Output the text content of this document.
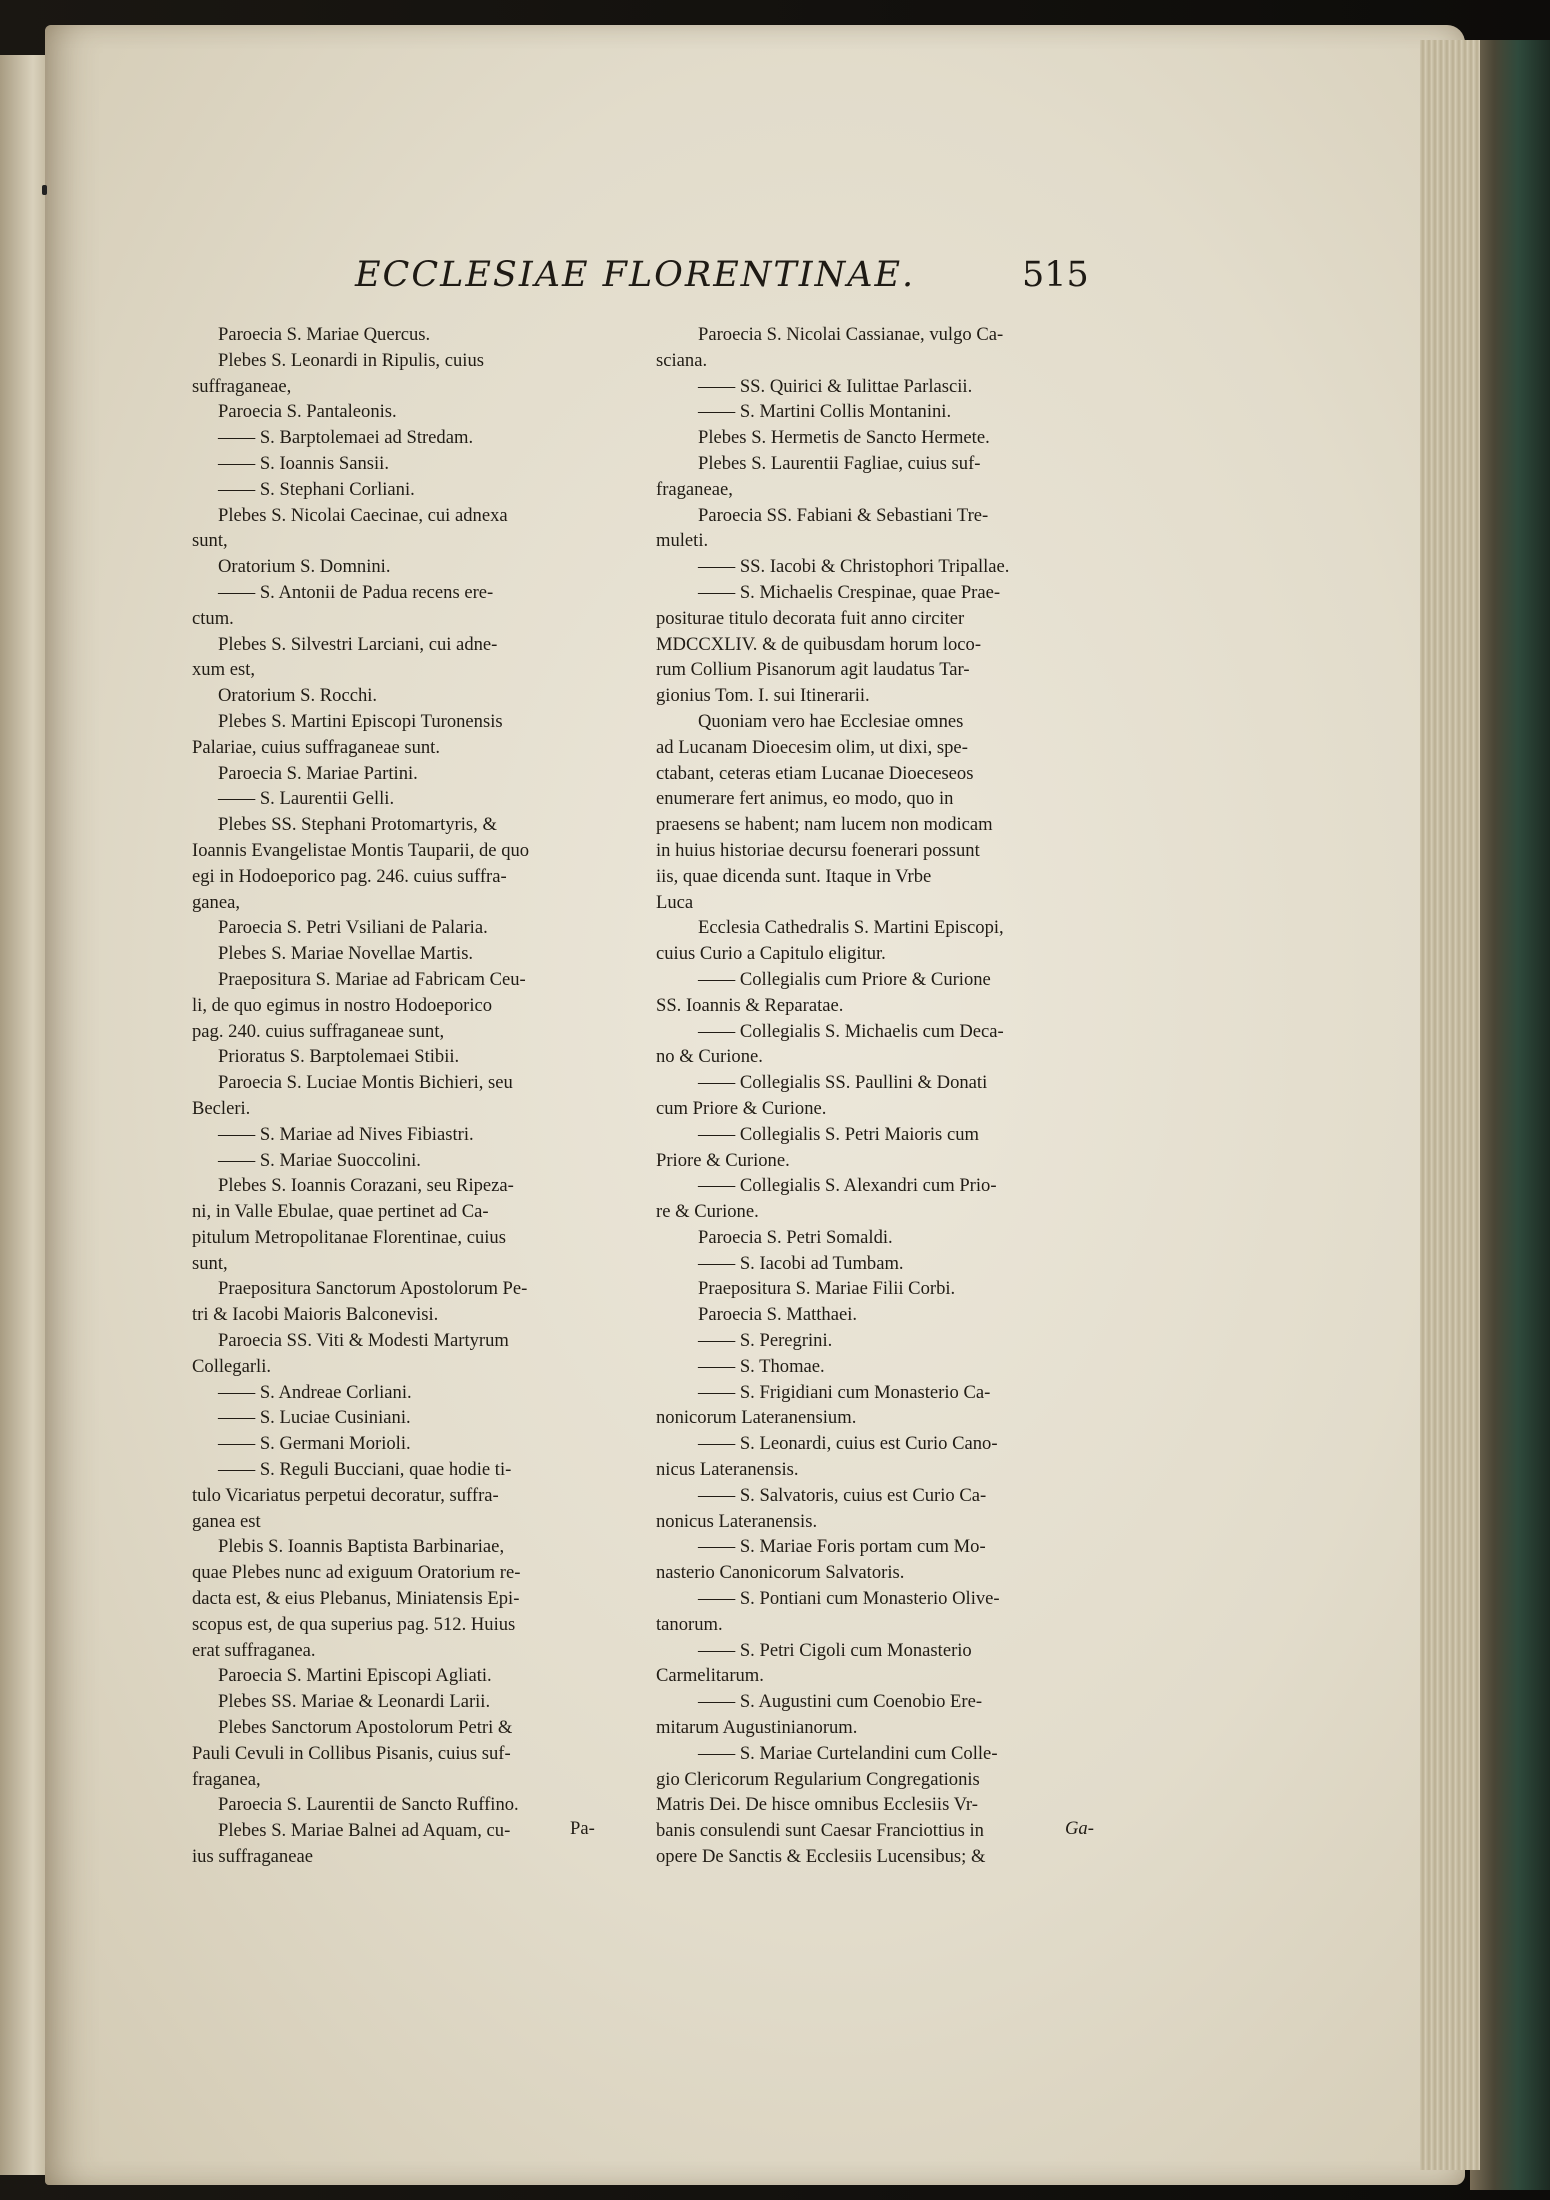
ECCLESIAE FLORENTINAE.	515
Paroecia S. Mariae Quercus.
Plebes S. Leonardi in Ripulis, cuius
suffraganeae,
Paroecia S. Pantaleonis.
—— S. Barptolemaei ad Stredam.
—— S. Ioannis Sansii.
—— S. Stephani Corliani.
Plebes S. Nicolai Caecinae, cui adnexa
sunt,
Oratorium S. Domnini.
—— S. Antonii de Padua recens ere-
ctum.
Plebes S. Silvestri Larciani, cui adne-
xum est,
Oratorium S. Rocchi.
Plebes S. Martini Episcopi Turonensis
Palariae, cuius suffraganeae sunt.
Paroecia S. Mariae Partini.
—— S. Laurentii Gelli.
Plebes SS. Stephani Protomartyris, &
Ioannis Evangelistae Montis Tauparii, de quo
egi in Hodoeporico pag. 246. cuius suffra-
ganea,
Paroecia S. Petri Vsiliani de Palaria.
Plebes S. Mariae Novellae Martis.
Praepositura S. Mariae ad Fabricam Ceu-
li, de quo egimus in nostro Hodoeporico
pag. 240. cuius suffraganeae sunt,
Prioratus S. Barptolemaei Stibii.
Paroecia S. Luciae Montis Bichieri, seu
Becleri.
—— S. Mariae ad Nives Fibiastri.
—— S. Mariae Suoccolini.
Plebes S. Ioannis Corazani, seu Ripeza-
ni, in Valle Ebulae, quae pertinet ad Ca-
pitulum Metropolitanae Florentinae, cuius
sunt,
Praepositura Sanctorum Apostolorum Pe-
tri & Iacobi Maioris Balconevisi.
Paroecia SS. Viti & Modesti Martyrum
Collegarli.
—— S. Andreae Corliani.
—— S. Luciae Cusiniani.
—— S. Germani Morioli.
—— S. Reguli Bucciani, quae hodie ti-
tulo Vicariatus perpetui decoratur, suffra-
ganea est
Plebis S. Ioannis Baptista Barbinariae,
quae Plebes nunc ad exiguum Oratorium re-
dacta est, & eius Plebanus, Miniatensis Epi-
scopus est, de qua superius pag. 512. Huius
erat suffraganea.
Paroecia S. Martini Episcopi Agliati.
Plebes SS. Mariae & Leonardi Larii.
Plebes Sanctorum Apostolorum Petri &
Pauli Cevuli in Collibus Pisanis, cuius suf-
fraganea,
Paroecia S. Laurentii de Sancto Ruffino.
Plebes S. Mariae Balnei ad Aquam, cu-
ius suffraganeae
Paroecia S. Nicolai Cassianae, vulgo Ca-
sciana.
—— SS. Quirici & Iulittae Parlascii.
—— S. Martini Collis Montanini.
Plebes S. Hermetis de Sancto Hermete.
Plebes S. Laurentii Fagliae, cuius suf-
fraganeae,
Paroecia SS. Fabiani & Sebastiani Tre-
muleti.
—— SS. Iacobi & Christophori Tripallae.
—— S. Michaelis Crespinae, quae Prae-
positurae titulo decorata fuit anno circiter
MDCCXLIV. & de quibusdam horum loco-
rum Collium Pisanorum agit laudatus Tar-
gionius Tom. I. sui Itinerarii.
Quoniam vero hae Ecclesiae omnes
ad Lucanam Dioecesim olim, ut dixi, spe-
ctabant, ceteras etiam Lucanae Dioeceseos
enumerare fert animus, eo modo, quo in
praesens se habent; nam lucem non modicam
in huius historiae decursu foenerari possunt
iis, quae dicenda sunt. Itaque in Vrbe
Luca
Ecclesia Cathedralis S. Martini Episcopi,
cuius Curio a Capitulo eligitur.
—— Collegialis cum Priore & Curione
SS. Ioannis & Reparatae.
—— Collegialis S. Michaelis cum Deca-
no & Curione.
—— Collegialis SS. Paullini & Donati
cum Priore & Curione.
—— Collegialis S. Petri Maioris cum
Priore & Curione.
—— Collegialis S. Alexandri cum Prio-
re & Curione.
Paroecia S. Petri Somaldi.
—— S. Iacobi ad Tumbam.
Praepositura S. Mariae Filii Corbi.
Paroecia S. Matthaei.
—— S. Peregrini.
—— S. Thomae.
—— S. Frigidiani cum Monasterio Ca-
nonicorum Lateranensium.
—— S. Leonardi, cuius est Curio Cano-
nicus Lateranensis.
—— S. Salvatoris, cuius est Curio Ca-
nonicus Lateranensis.
—— S. Mariae Foris portam cum Mo-
nasterio Canonicorum Salvatoris.
—— S. Pontiani cum Monasterio Olive-
tanorum.
—— S. Petri Cigoli cum Monasterio
Carmelitarum.
—— S. Augustini cum Coenobio Ere-
mitarum Augustinianorum.
—— S. Mariae Curtelandini cum Colle-
gio Clericorum Regularium Congregationis
Matris Dei. De hisce omnibus Ecclesiis Vr-
banis consulendi sunt Caesar Franciottius in
opere De Sanctis & Ecclesiis Lucensibus; &
Pa-	Ga-
